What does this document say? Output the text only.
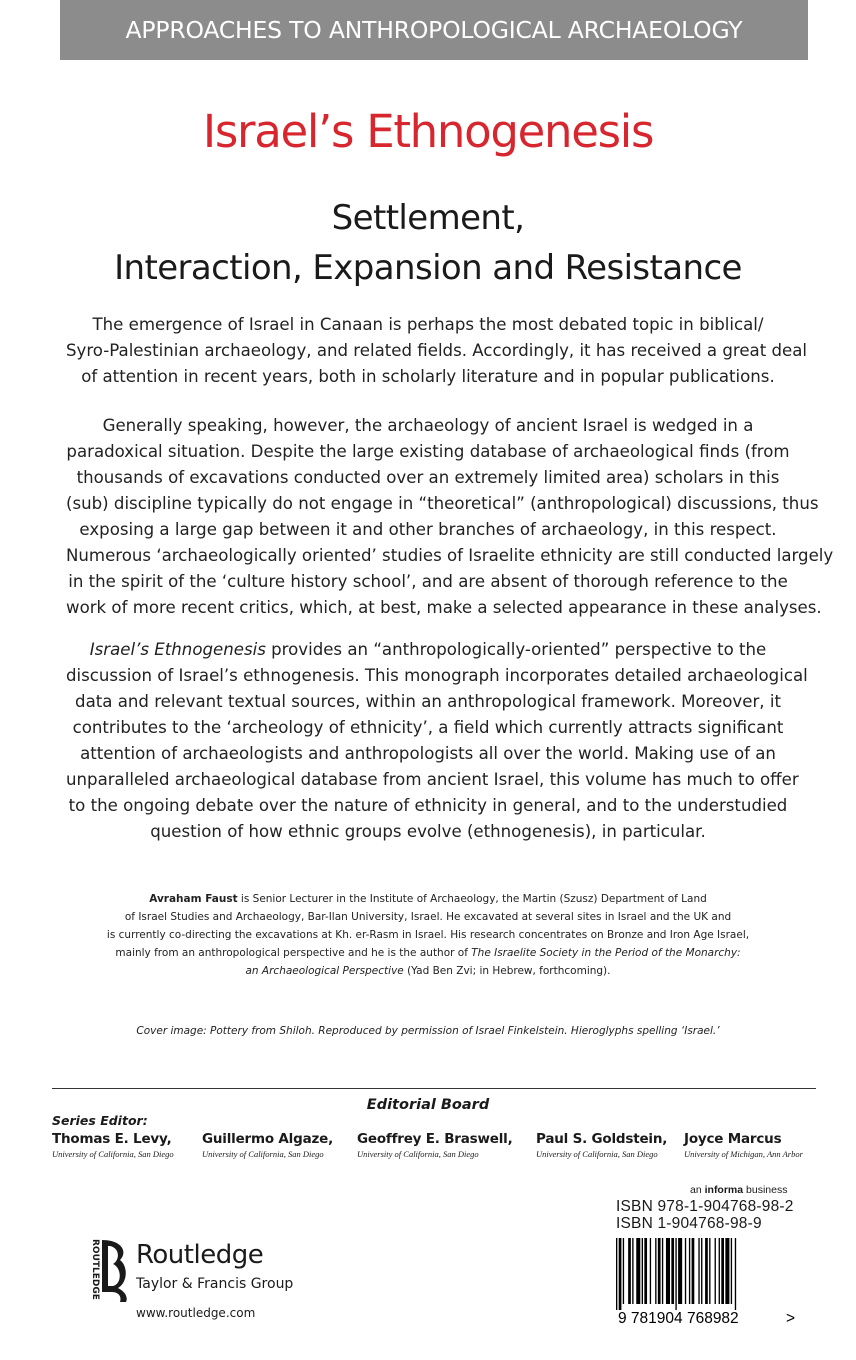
APPROACHES TO ANTHROPOLOGICAL ARCHAEOLOGY
Israel’s Ethnogenesis
Settlement,
Interaction, Expansion and Resistance
The emergence of Israel in Canaan is perhaps the most debated topic in biblical/
Syro-Palestinian archaeology, and related fields. Accordingly, it has received a great deal
of attention in recent years, both in scholarly literature and in popular publications.
Generally speaking, however, the archaeology of ancient Israel is wedged in a
paradoxical situation. Despite the large existing database of archaeological finds (from
thousands of excavations conducted over an extremely limited area) scholars in this
(sub) discipline typically do not engage in “theoretical” (anthropological) discussions, thus
exposing a large gap between it and other branches of archaeology, in this respect.
Numerous ‘archaeologically oriented’ studies of Israelite ethnicity are still conducted largely
in the spirit of the ‘culture history school’, and are absent of thorough reference to the
work of more recent critics, which, at best, make a selected appearance in these analyses.
Israel’s Ethnogenesis provides an “anthropologically-oriented” perspective to the
discussion of Israel’s ethnogenesis. This monograph incorporates detailed archaeological
data and relevant textual sources, within an anthropological framework. Moreover, it
contributes to the ‘archeology of ethnicity’, a field which currently attracts significant
attention of archaeologists and anthropologists all over the world. Making use of an
unparalleled archaeological database from ancient Israel, this volume has much to offer
to the ongoing debate over the nature of ethnicity in general, and to the understudied
question of how ethnic groups evolve (ethnogenesis), in particular.
Avraham Faust is Senior Lecturer in the Institute of Archaeology, the Martin (Szusz) Department of Land
of Israel Studies and Archaeology, Bar-Ilan University, Israel. He excavated at several sites in Israel and the UK and
is currently co-directing the excavations at Kh. er-Rasm in Israel. His research concentrates on Bronze and Iron Age Israel,
mainly from an anthropological perspective and he is the author of The Israelite Society in the Period of the Monarchy:
an Archaeological Perspective (Yad Ben Zvi; in Hebrew, forthcoming).
Cover image: Pottery from Shiloh. Reproduced by permission of Israel Finkelstein. Hieroglyphs spelling ‘Israel.’
Editorial Board
Series Editor:
Thomas E. Levy,
University of California, San Diego
Guillermo Algaze,
University of California, San Diego
Geoffrey E. Braswell,
University of California, San Diego
Paul S. Goldstein,
University of California, San Diego
Joyce Marcus
University of Michigan, Ann Arbor
an informa business
ISBN 978-1-904768-98-2
ISBN 1-904768-98-9
9 781904 768982	>
ROUTLEDGE Routledge
Taylor & Francis Group
www.routledge.com
